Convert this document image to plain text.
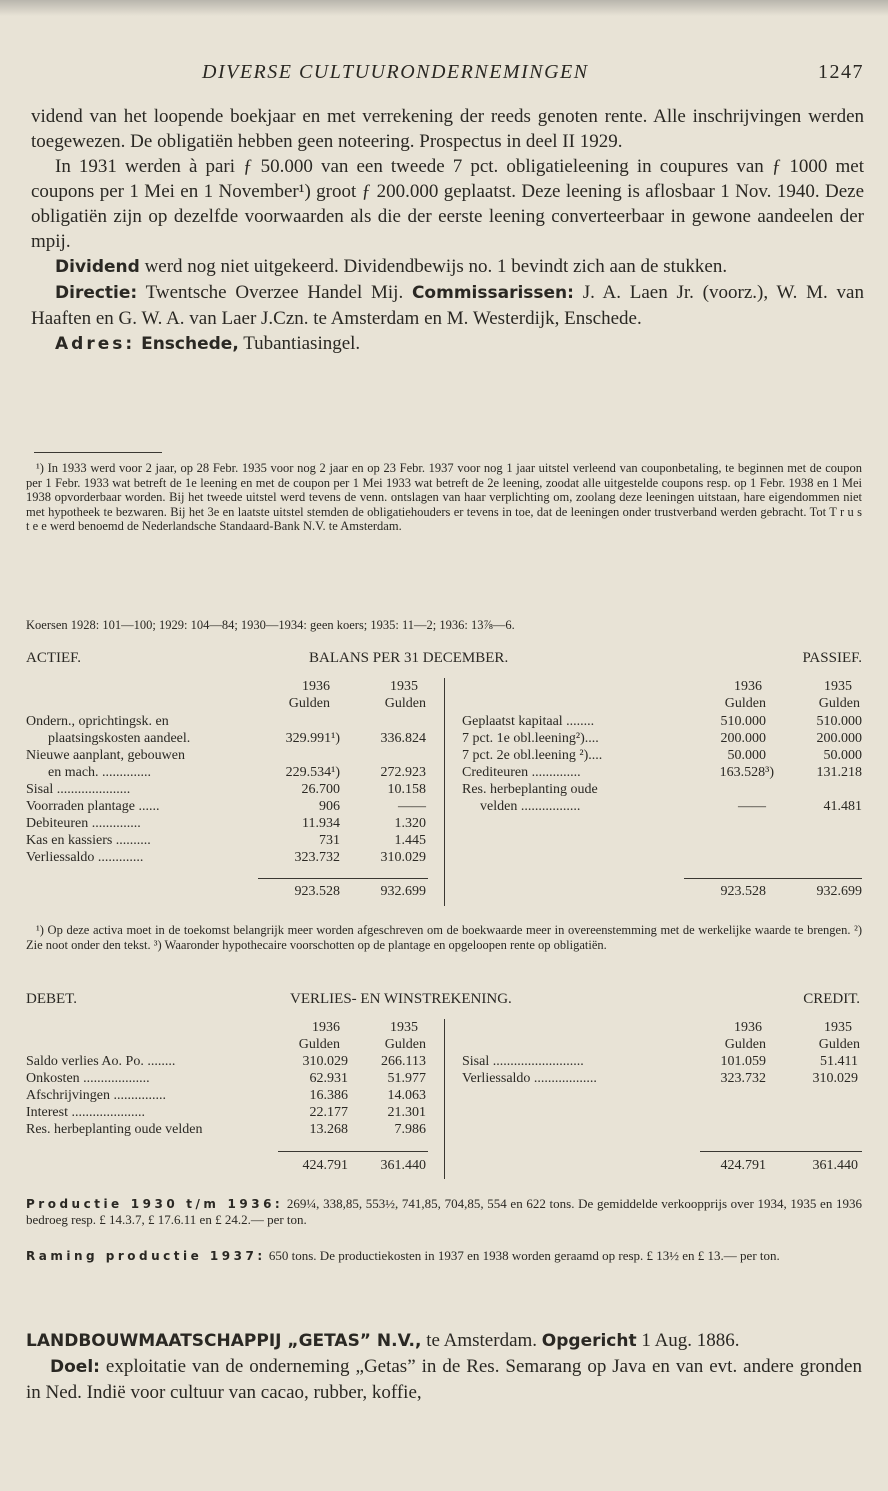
DIVERSE CULTUURONDERNEMINGEN	1247

vidend van het loopende boekjaar en met verrekening der reeds genoten rente. Alle inschrijvingen werden toegewezen. De obligatiën hebben geen noteering. Prospectus in deel II 1929.

In 1931 werden à pari ƒ 50.000 van een tweede 7 pct. obligatieleening in coupures van ƒ 1000 met coupons per 1 Mei en 1 November¹) groot ƒ 200.000 geplaatst. Deze leening is aflosbaar 1 Nov. 1940. Deze obligatiën zijn op dezelfde voorwaarden als die der eerste leening converteerbaar in gewone aandeelen der mpij.

Dividend werd nog niet uitgekeerd. Dividendbewijs no. 1 bevindt zich aan de stukken.

Directie: Twentsche Overzee Handel Mij. Commissarissen: J. A. Laen Jr. (voorz.), W. M. van Haaften en G. W. A. van Laer J.Czn. te Amsterdam en M. Westerdijk, Enschede.

Adres: Enschede, Tubantiasingel.

¹) In 1933 werd voor 2 jaar, op 28 Febr. 1935 voor nog 2 jaar en op 23 Febr. 1937 voor nog 1 jaar uitstel verleend van couponbetaling, te beginnen met de coupon per 1 Febr. 1933 wat betreft de 1e leening en met de coupon per 1 Mei 1933 wat betreft de 2e leening, zoodat alle uitgestelde coupons resp. op 1 Febr. 1938 en 1 Mei 1938 opvorderbaar worden. Bij het tweede uitstel werd tevens de venn. ontslagen van haar verplichting om, zoolang deze leeningen uitstaan, hare eigendommen niet met hypotheek te bezwaren. Bij het 3e en laatste uitstel stemden de obligatiehouders er tevens in toe, dat de leeningen onder trustverband werden gebracht. Tot T r u s t e e werd benoemd de Nederlandsche Standaard-Bank N.V. te Amsterdam.

Koersen 1928: 101—100; 1929: 104—84; 1930—1934: geen koers; 1935: 11—2; 1936: 13⅞—6.

ACTIEF.	BALANS PER 31 DECEMBER.	PASSIEF.
1936	1935
Gulden	Gulden
1936	1935
Gulden	Gulden
Ondern., oprichtingsk. en
plaatsingskosten aandeel.	329.991¹)	336.824
Nieuwe aanplant, gebouwen
en mach. ..............	229.534¹)	272.923
Sisal .....................	26.700	10.158
Voorraden plantage ......	906	——
Debiteuren ..............	11.934	1.320
Kas en kassiers ..........	731	1.445
Verliessaldo .............	323.732	310.029
923.528	932.699
Geplaatst kapitaal ........	510.000	510.000
7 pct. 1e obl.leening²)....	200.000	200.000
7 pct. 2e obl.leening ²)....	50.000	50.000
Crediteuren ..............	163.528³)	131.218
Res. herbeplanting oude
velden .................	——	41.481
923.528	932.699

¹) Op deze activa moet in de toekomst belangrijk meer worden afgeschreven om de boekwaarde meer in overeenstemming met de werkelijke waarde te brengen. ²) Zie noot onder den tekst. ³) Waaronder hypothecaire voorschotten op de plantage en opgeloopen rente op obligatiën.

DEBET.	VERLIES- EN WINSTREKENING.	CREDIT.
1936	1935
Gulden	Gulden
1936	1935
Gulden	Gulden
Saldo verlies Ao. Po. ........	310.029	266.113
Onkosten ...................	62.931	51.977
Afschrijvingen ...............	16.386	14.063
Interest .....................	22.177	21.301
Res. herbeplanting oude velden	13.268	7.986
424.791	361.440
Sisal ..........................	101.059	51.411
Verliessaldo ..................	323.732	310.029
424.791	361.440
Productie 1930 t/m 1936: 269¼, 338,85, 553½, 741,85, 704,85, 554 en 622 tons. De gemiddelde verkoopprijs over 1934, 1935 en 1936 bedroeg resp. £ 14.3.7, £ 17.6.11 en £ 24.2.— per ton.
Raming productie 1937: 650 tons. De productiekosten in 1937 en 1938 worden geraamd op resp. £ 13½ en £ 13.— per ton.

LANDBOUWMAATSCHAPPIJ „GETAS” N.V., te Amsterdam. Opgericht 1 Aug. 1886.

Doel: exploitatie van de onderneming „Getas” in de Res. Semarang op Java en van evt. andere gronden in Ned. Indië voor cultuur van cacao, rubber, koffie,
